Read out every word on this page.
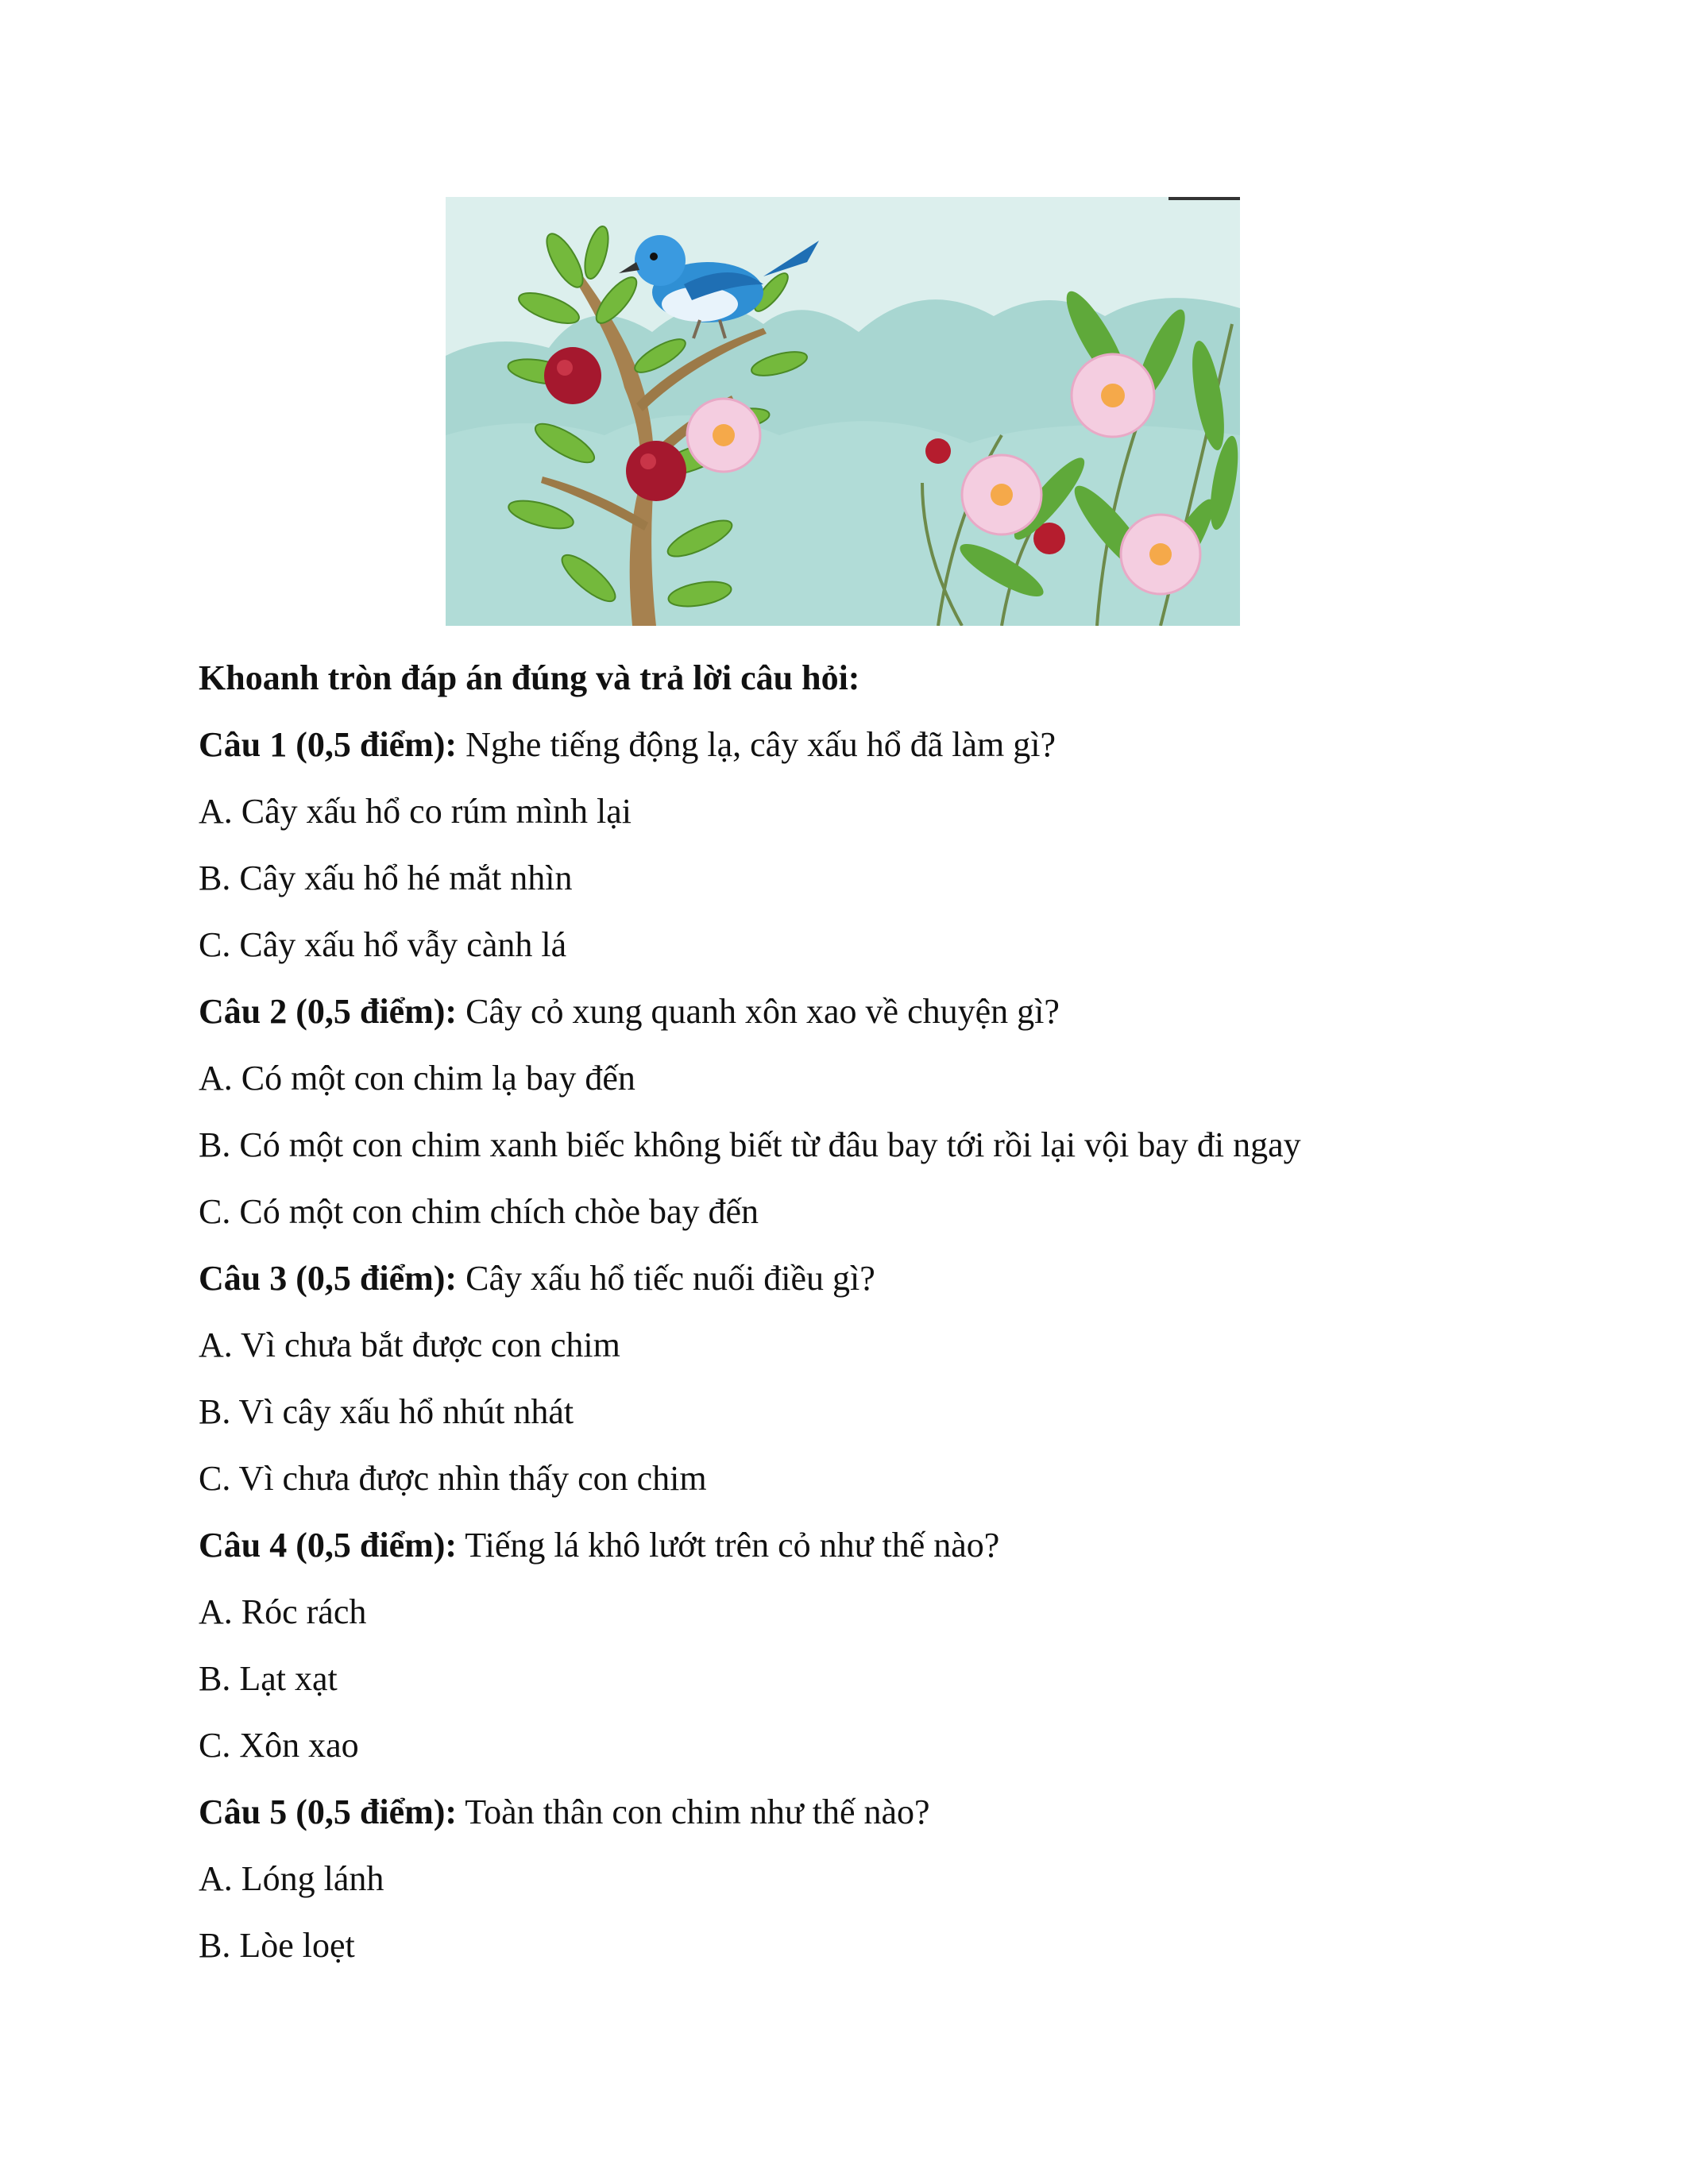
Khoanh tròn đáp án đúng và trả lời câu hỏi:
Câu 1 (0,5 điểm): Nghe tiếng động lạ, cây xấu hổ đã làm gì?
A. Cây xấu hổ co rúm mình lại
B. Cây xấu hổ hé mắt nhìn
C. Cây xấu hổ vẫy cành lá
Câu 2 (0,5 điểm): Cây cỏ xung quanh xôn xao về chuyện gì?
A. Có một con chim lạ bay đến
B. Có một con chim xanh biếc không biết từ đâu bay tới rồi lại vội bay đi ngay
C. Có một con chim chích chòe bay đến
Câu 3 (0,5 điểm): Cây xấu hổ tiếc nuối điều gì?
A. Vì chưa bắt được con chim
B. Vì cây xấu hổ nhút nhát
C. Vì chưa được nhìn thấy con chim
Câu 4 (0,5 điểm): Tiếng lá khô lướt trên cỏ như thế nào?
A. Róc rách
B. Lạt xạt
C. Xôn xao
Câu 5 (0,5 điểm): Toàn thân con chim như thế nào?
A. Lóng lánh
B. Lòe loẹt
